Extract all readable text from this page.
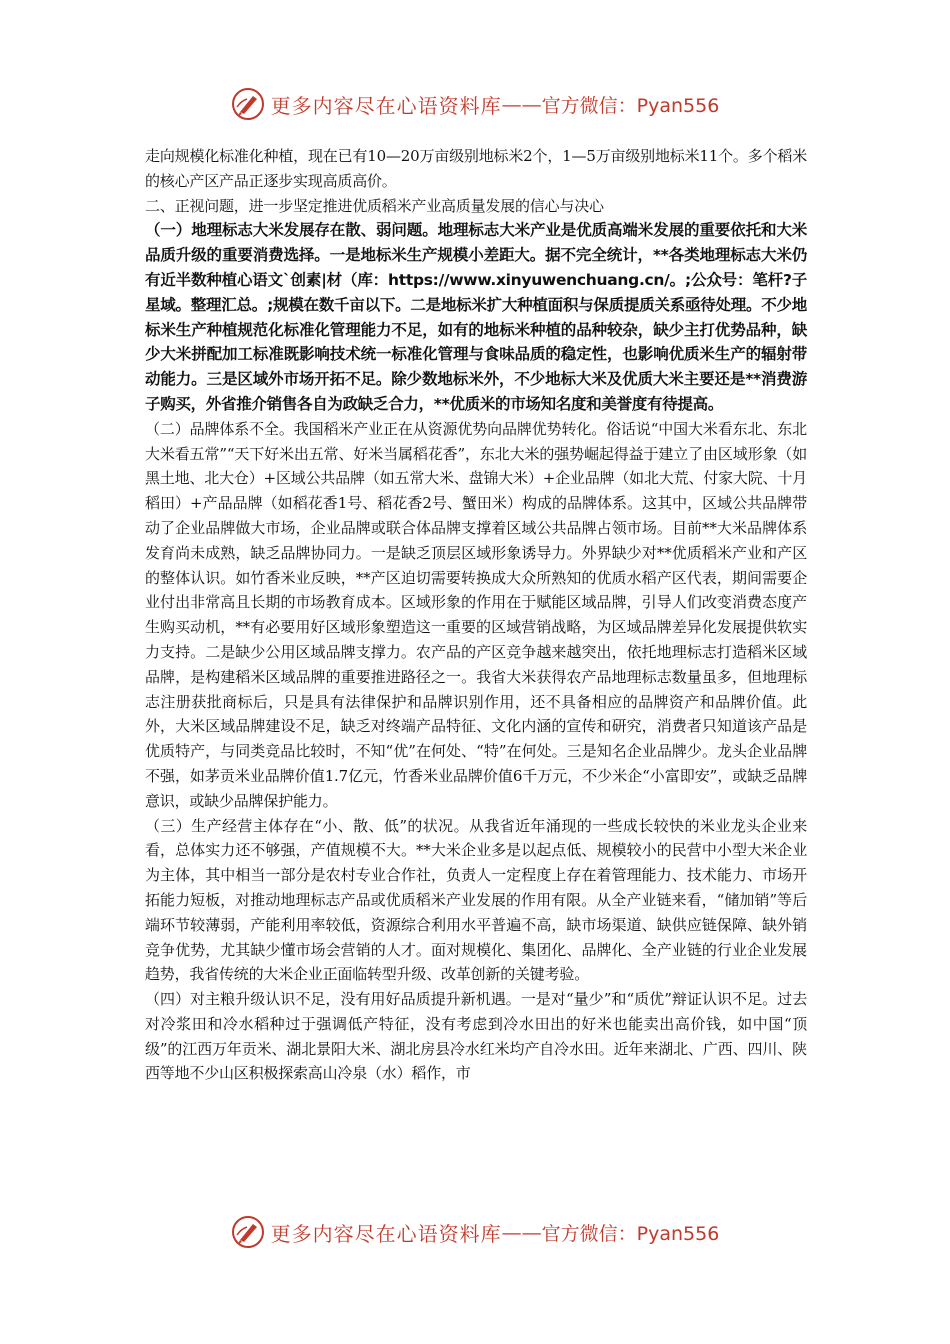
更多内容尽在心语资料库 —— 官方微信：Pyan556

走向规模化标准化种植，现在已有10—20万亩级别地标米2个，1—5万亩级别地标米11个。多个稻米的核心产区产品正逐步实现高质高价。

二、正视问题，进一步坚定推进优质稻米产业高质量发展的信心与决心

（一）地理标志大米发展存在散、弱问题。地理标志大米产业是优质高端米发展的重要依托和大米品质升级的重要消费选择。一是地标米生产规模小差距大。据不完全统计，**各类地理标志大米仍有近半数种植心语文`创素|材（库：https://www.xinyuwenchuang.cn/。;公众号：笔杆?子星域。整理汇总。;规模在数千亩以下。二是地标米扩大种植面积与保质提质关系亟待处理。不少地标米生产种植规范化标准化管理能力不足，如有的地标米种植的品种较杂，缺少主打优势品种，缺少大米拼配加工标准既影响技术统一标准化管理与食味品质的稳定性，也影响优质米生产的辐射带动能力。三是区域外市场开拓不足。除少数地标米外，不少地标大米及优质大米主要还是**消费游子购买，外省推介销售各自为政缺乏合力，**优质米的市场知名度和美誉度有待提高。

（二）品牌体系不全。我国稻米产业正在从资源优势向品牌优势转化。俗话说“中国大米看东北、东北大米看五常”“天下好米出五常、好米当属稻花香”，东北大米的强势崛起得益于建立了由区域形象（如黑土地、北大仓）+区域公共品牌（如五常大米、盘锦大米）+企业品牌（如北大荒、付家大院、十月稻田）+产品品牌（如稻花香1号、稻花香2号、蟹田米）构成的品牌体系。这其中，区域公共品牌带动了企业品牌做大市场，企业品牌或联合体品牌支撑着区域公共品牌占领市场。目前**大米品牌体系发育尚未成熟，缺乏品牌协同力。一是缺乏顶层区域形象诱导力。外界缺少对**优质稻米产业和产区的整体认识。如竹香米业反映，**产区迫切需要转换成大众所熟知的优质水稻产区代表，期间需要企业付出非常高且长期的市场教育成本。区域形象的作用在于赋能区域品牌，引导人们改变消费态度产生购买动机，**有必要用好区域形象塑造这一重要的区域营销战略，为区域品牌差异化发展提供软实力支持。二是缺少公用区域品牌支撑力。农产品的产区竞争越来越突出，依托地理标志打造稻米区域品牌，是构建稻米区域品牌的重要推进路径之一。我省大米获得农产品地理标志数量虽多，但地理标志注册获批商标后，只是具有法律保护和品牌识别作用，还不具备相应的品牌资产和品牌价值。此外，大米区域品牌建设不足，缺乏对终端产品特征、文化内涵的宣传和研究，消费者只知道该产品是优质特产，与同类竞品比较时，不知“优”在何处、“特”在何处。三是知名企业品牌少。龙头企业品牌不强，如茅贡米业品牌价值1.7亿元，竹香米业品牌价值6千万元，不少米企“小富即安”，或缺乏品牌意识，或缺少品牌保护能力。

（三）生产经营主体存在“小、散、低”的状况。从我省近年涌现的一些成长较快的米业龙头企业来看，总体实力还不够强，产值规模不大。**大米企业多是以起点低、规模较小的民营中小型大米企业为主体，其中相当一部分是农村专业合作社，负责人一定程度上存在着管理能力、技术能力、市场开拓能力短板，对推动地理标志产品或优质稻米产业发展的作用有限。从全产业链来看，“储加销”等后端环节较薄弱，产能利用率较低，资源综合利用水平普遍不高，缺市场渠道、缺供应链保障、缺外销竞争优势，尤其缺少懂市场会营销的人才。面对规模化、集团化、品牌化、全产业链的行业企业发展趋势，我省传统的大米企业正面临转型升级、改革创新的关键考验。

（四）对主粮升级认识不足，没有用好品质提升新机遇。一是对“量少”和“质优”辩证认识不足。过去对冷浆田和冷水稻种过于强调低产特征，没有考虑到冷水田出的好米也能卖出高价钱，如中国“顶级”的江西万年贡米、湖北景阳大米、湖北房县冷水红米均产自冷水田。近年来湖北、广西、四川、陕西等地不少山区积极探索高山冷泉（水）稻作，市

更多内容尽在心语资料库 —— 官方微信：Pyan556
